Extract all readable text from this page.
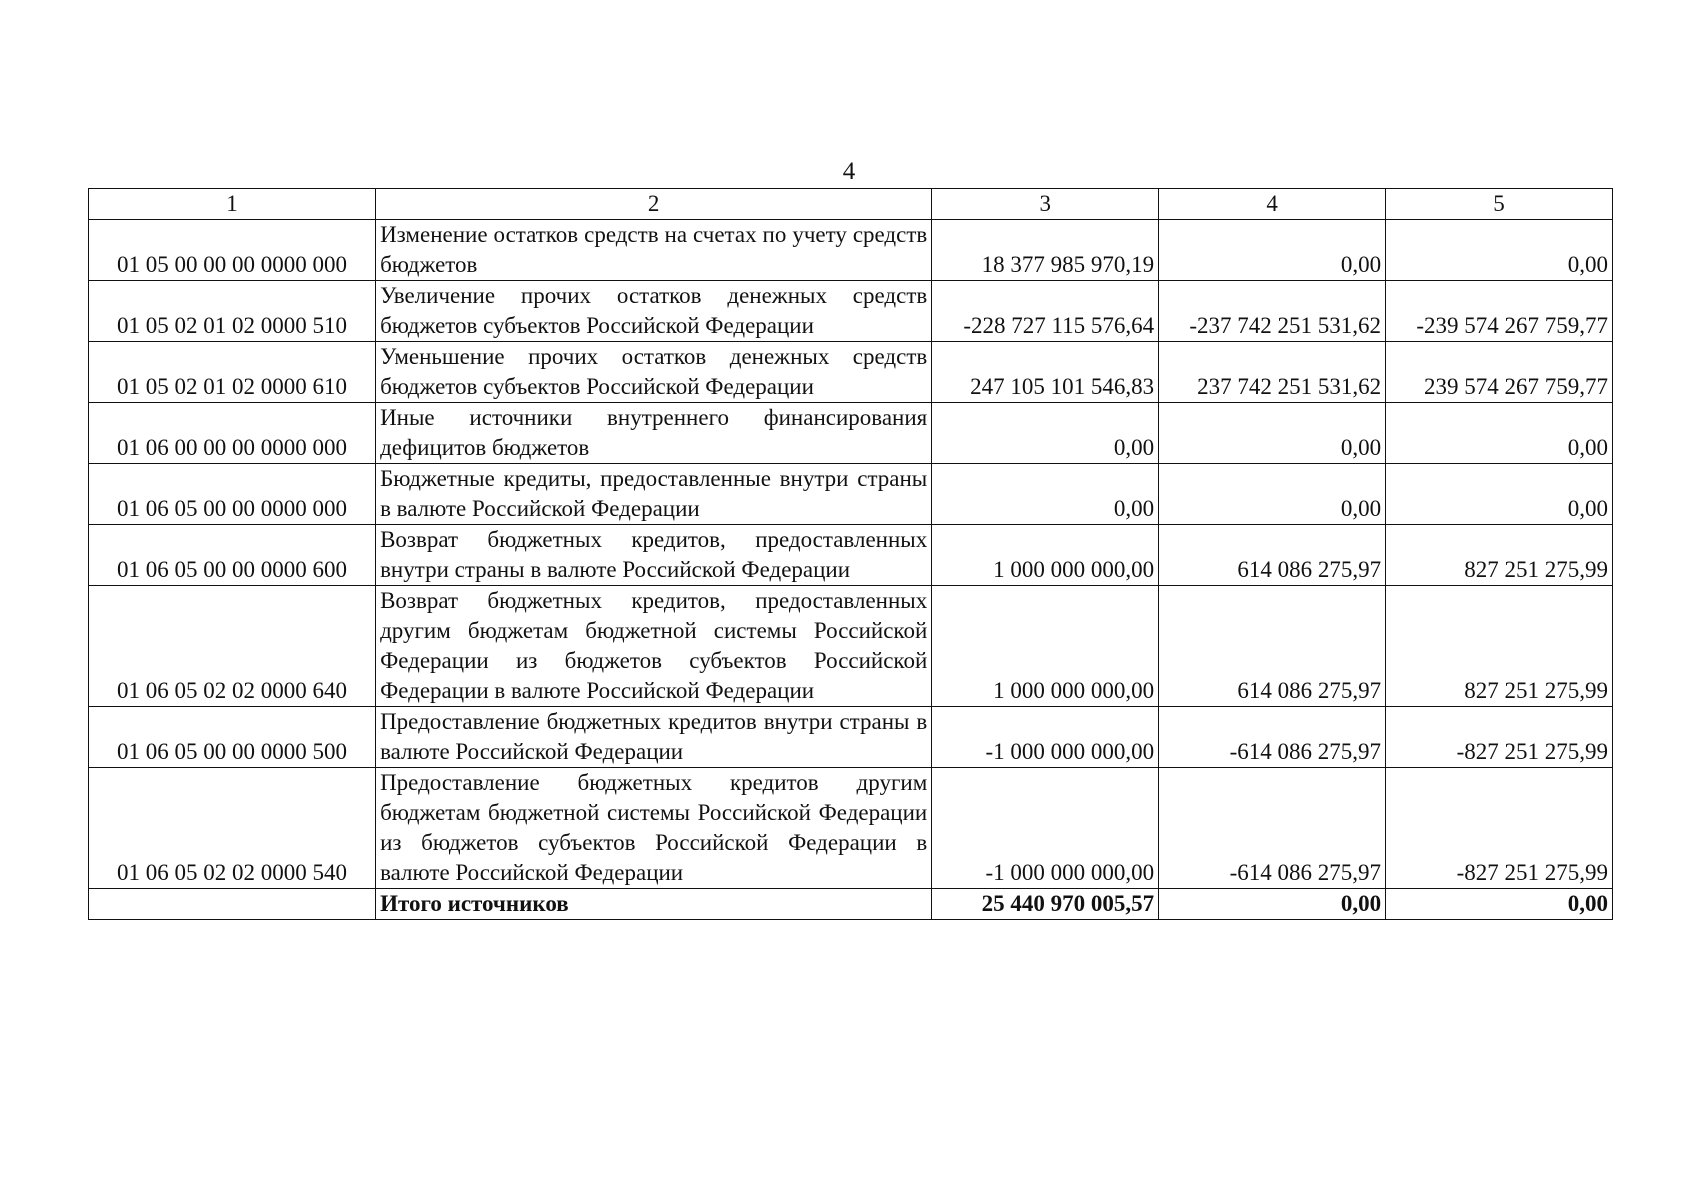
4
1	2	3	4	5
01 05 00 00 00 0000 000	Изменение остатков средств на счетах по учету средств бюджетов	18 377 985 970,19	0,00	0,00
01 05 02 01 02 0000 510	Увеличение прочих остатков денежных средств бюджетов субъектов Российской Федерации	-228 727 115 576,64	-237 742 251 531,62	-239 574 267 759,77
01 05 02 01 02 0000 610	Уменьшение прочих остатков денежных средств бюджетов субъектов Российской Федерации	247 105 101 546,83	237 742 251 531,62	239 574 267 759,77
01 06 00 00 00 0000 000	Иные источники внутреннего финансирования дефицитов бюджетов	0,00	0,00	0,00
01 06 05 00 00 0000 000	Бюджетные кредиты, предоставленные внутри страны в валюте Российской Федерации	0,00	0,00	0,00
01 06 05 00 00 0000 600	Возврат бюджетных кредитов, предоставленных внутри страны в валюте Российской Федерации	1 000 000 000,00	614 086 275,97	827 251 275,99
01 06 05 02 02 0000 640	Возврат бюджетных кредитов, предоставленных другим бюджетам бюджетной системы Российской Федерации из бюджетов субъектов Российской Федерации в валюте Российской Федерации	1 000 000 000,00	614 086 275,97	827 251 275,99
01 06 05 00 00 0000 500	Предоставление бюджетных кредитов внутри страны в валюте Российской Федерации	-1 000 000 000,00	-614 086 275,97	-827 251 275,99
01 06 05 02 02 0000 540	Предоставление бюджетных кредитов другим бюджетам бюджетной системы Российской Федерации из бюджетов субъектов Российской Федерации в валюте Российской Федерации	-1 000 000 000,00	-614 086 275,97	-827 251 275,99
	Итого источников	25 440 970 005,57	0,00	0,00
